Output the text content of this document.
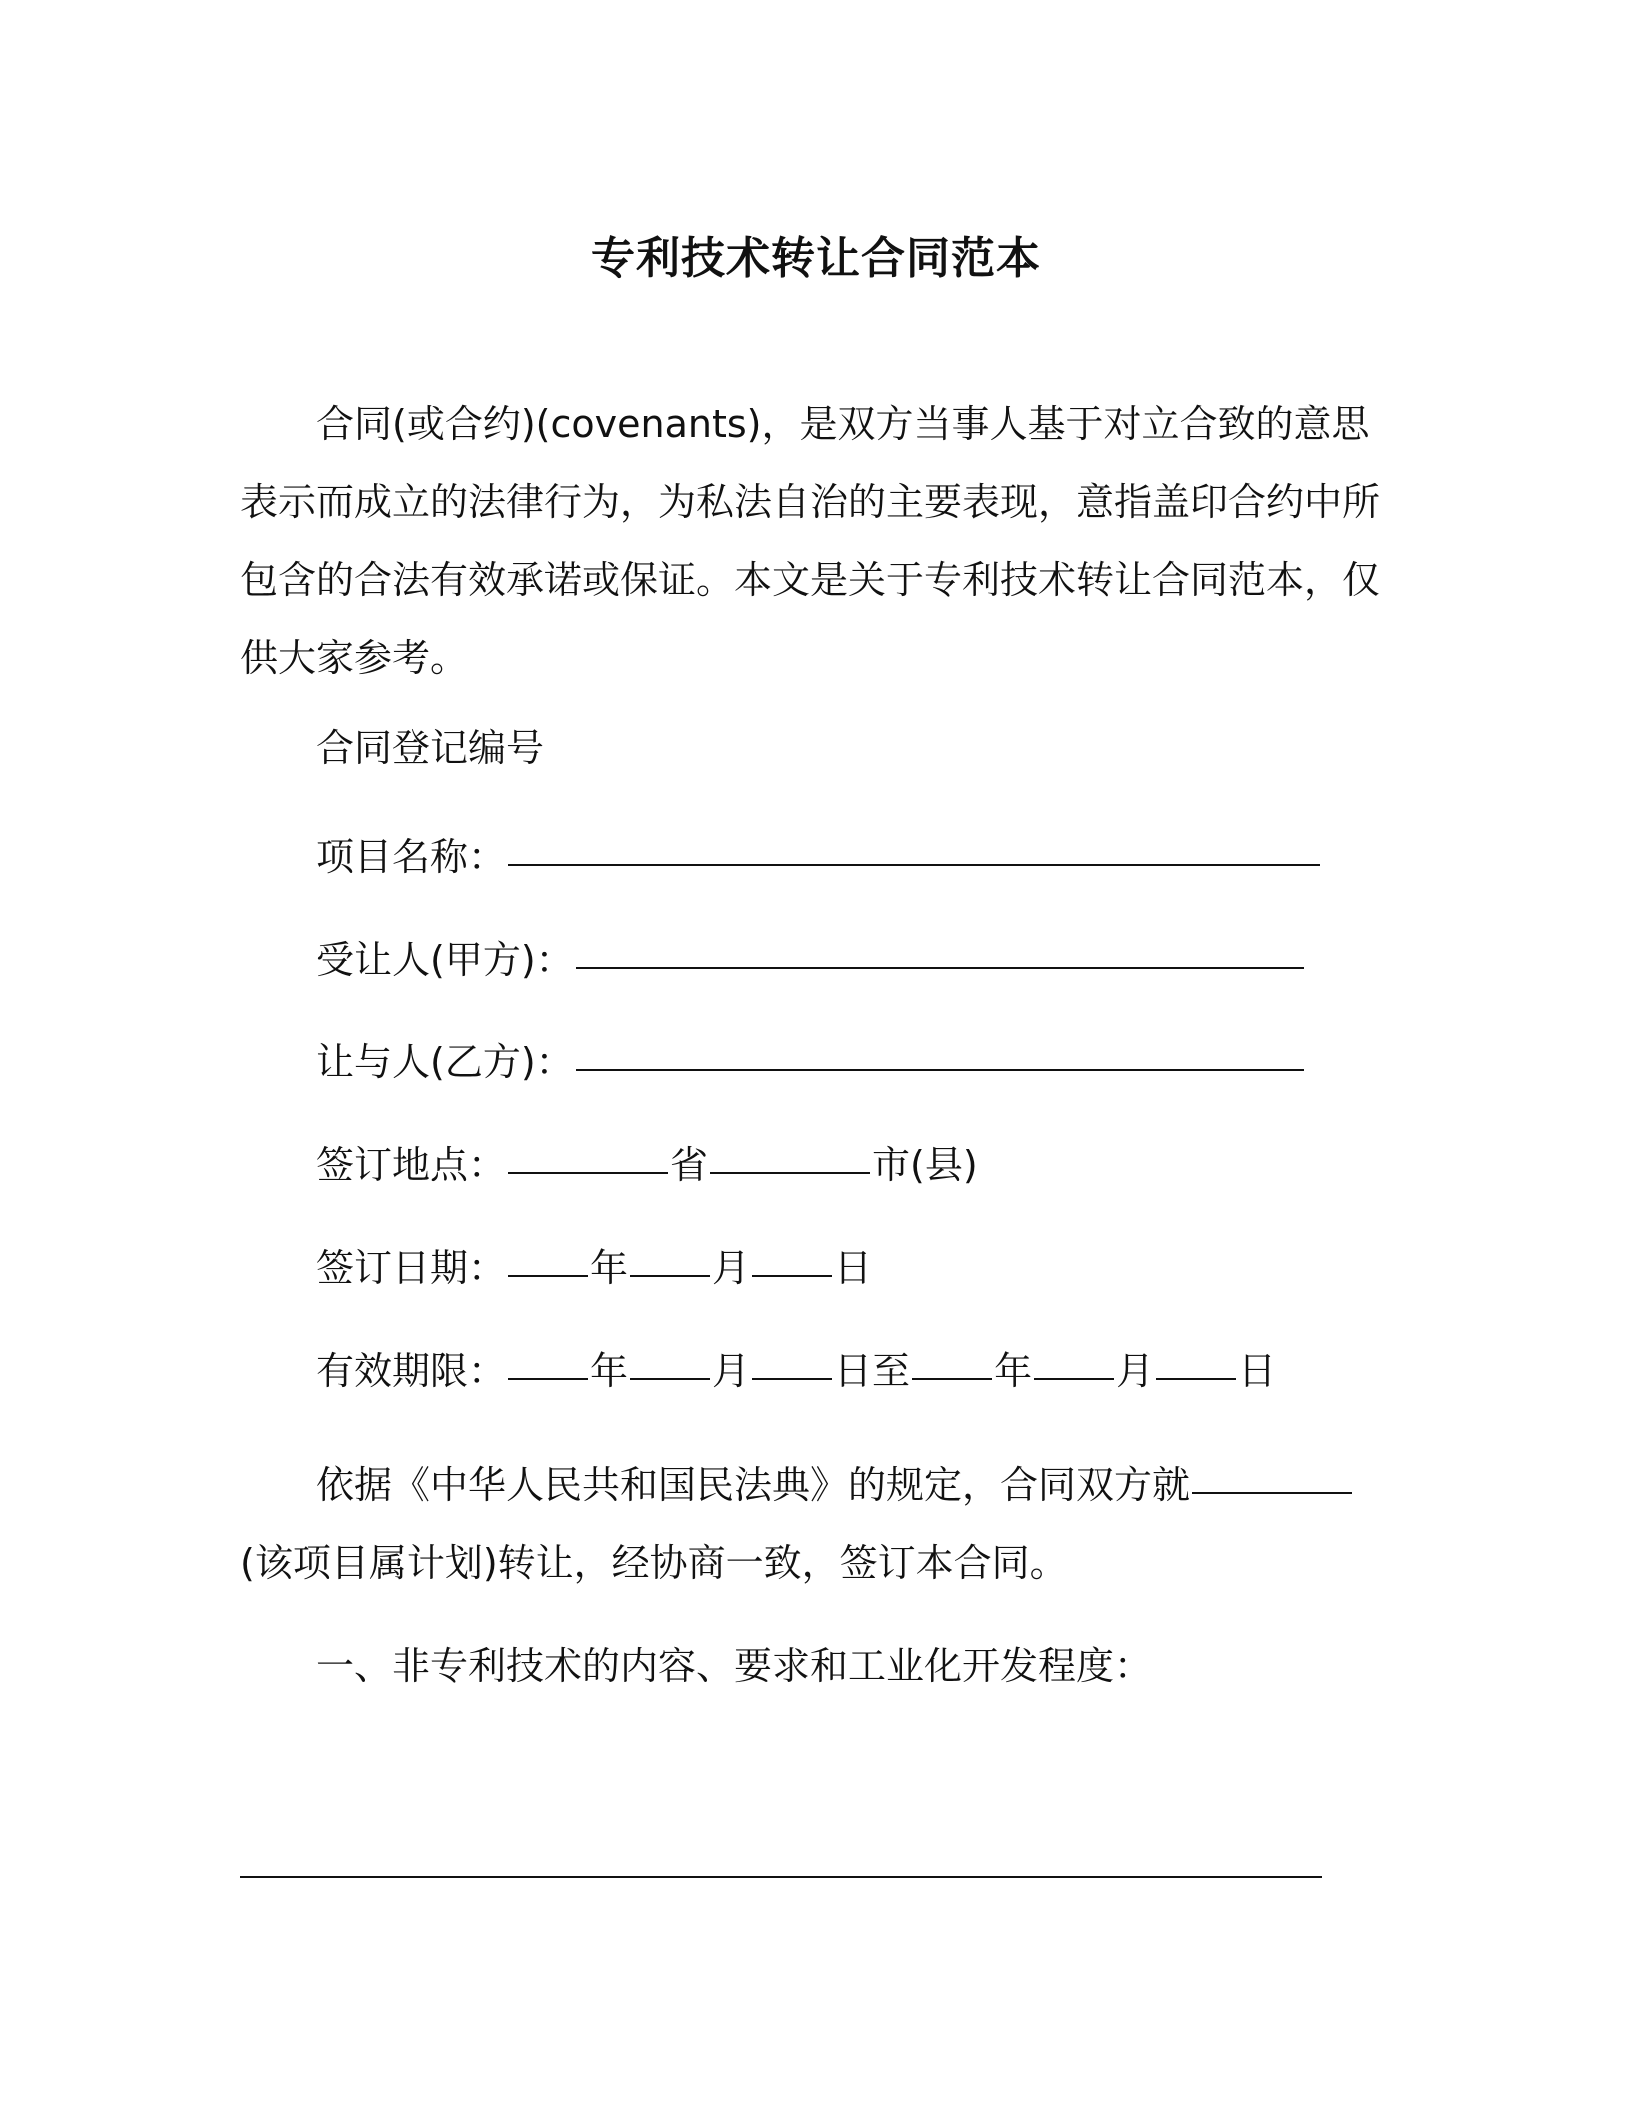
专利技术转让合同范本

合同(或合约)(covenants)，是双方当事人基于对立合致的意思表示而成立的法律行为，为私法自治的主要表现，意指盖印合约中所包含的合法有效承诺或保证。本文是关于专利技术转让合同范本，仅供大家参考。

合同登记编号
项目名称：
受让人(甲方)：
让与人(乙方)：
签订地点：	省	市(县)
签订日期： 年 月 日
有效期限： 年 月 日至 年 月 日

依据《中华人民共和国民法典》的规定，合同双方就(该项目属计划)转让，经协商一致，签订本合同。

一、非专利技术的内容、要求和工业化开发程度：
